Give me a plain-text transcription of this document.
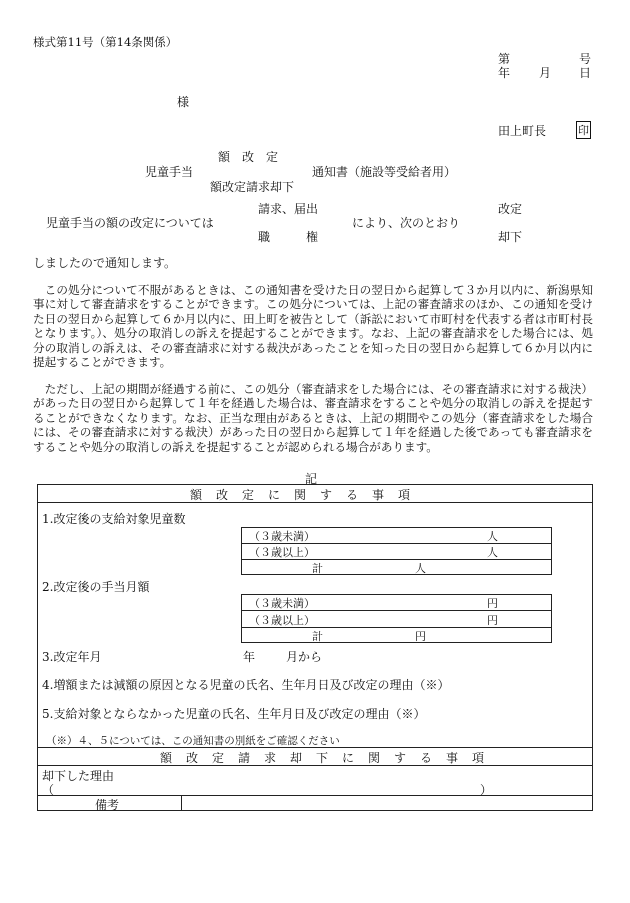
様式第11号（第14条関係）
第	号
年 月 日
様
田上町長	印
額　改　定
児童手当	通知書（施設等受給者用）
額改定請求却下
請求、届出
児童手当の額の改定については	により、次のとおり
改定
職　　　権	却下
しましたので通知します。
　この処分について不服があるときは、この通知書を受けた日の翌日から起算して３か月以内に、新潟県知事に対して審査請求をすることができます。この処分については、上記の審査請求のほか、この通知を受けた日の翌日から起算して６か月以内に、田上町を被告として（訴訟において市町村を代表する者は市町村長となります。）、処分の取消しの訴えを提起することができます。なお、上記の審査請求をした場合には、処分の取消しの訴えは、その審査請求に対する裁決があったことを知った日の翌日から起算して６か月以内に提起することができます。
　ただし、上記の期間が経過する前に、この処分（審査請求をした場合には、その審査請求に対する裁決）があった日の翌日から起算して１年を経過した場合は、審査請求をすることや処分の取消しの訴えを提起することができなくなります。なお、正当な理由があるときは、上記の期間やこの処分（審査請求をした場合には、その審査請求に対する裁決）があった日の翌日から起算して１年を経過した後であっても審査請求をすることや処分の取消しの訴えを提起することが認められる場合があります。
記
額改定に関する事項
1.改定後の支給対象児童数
（３歳未満）	人
（３歳以上）	人
計	人
2.改定後の手当月額
（３歳未満）	円
（３歳以上）	円
計	円
3.改定年月	年	月から
4.増額または減額の原因となる児童の氏名、生年月日及び改定の理由（※）
5.支給対象とならなかった児童の氏名、生年月日及び改定の理由（※）
（※）４、５については、この通知書の別紙をご確認ください
額改定請求却下に関する事項
却下した理由
（	）
備考
